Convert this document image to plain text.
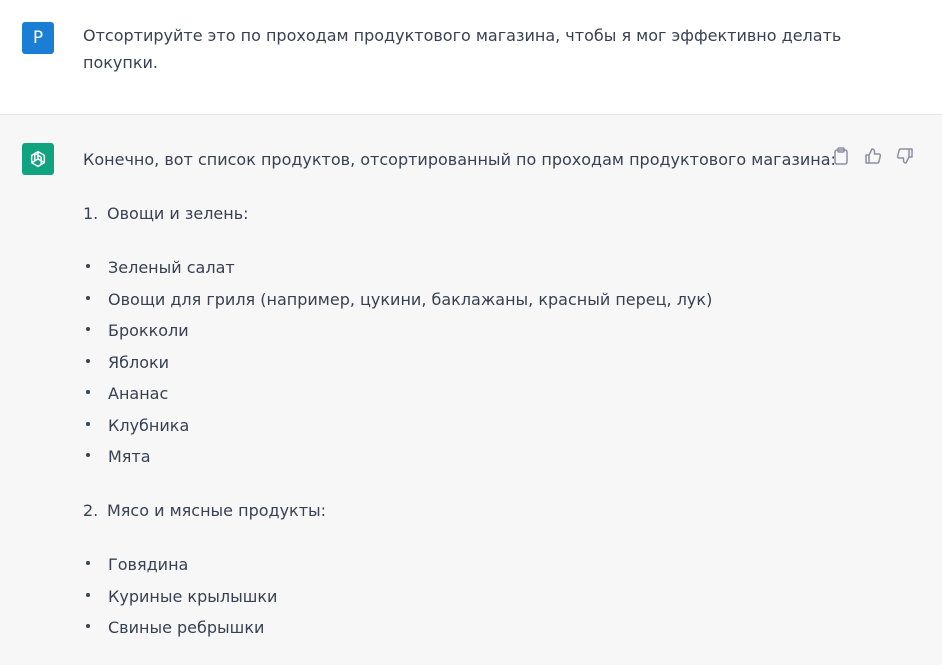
P	Отсортируйте это по проходам продуктового магазина, чтобы я мог эффективно делать покупки.
Конечно, вот список продуктов, отсортированный по проходам продуктового магазина:
1. Овощи и зелень:
Зеленый салат
Овощи для гриля (например, цукини, баклажаны, красный перец, лук)
Брокколи
Яблоки
Ананас
Клубника
Мята
2. Мясо и мясные продукты:
Говядина
Куриные крылышки
Свиные ребрышки
